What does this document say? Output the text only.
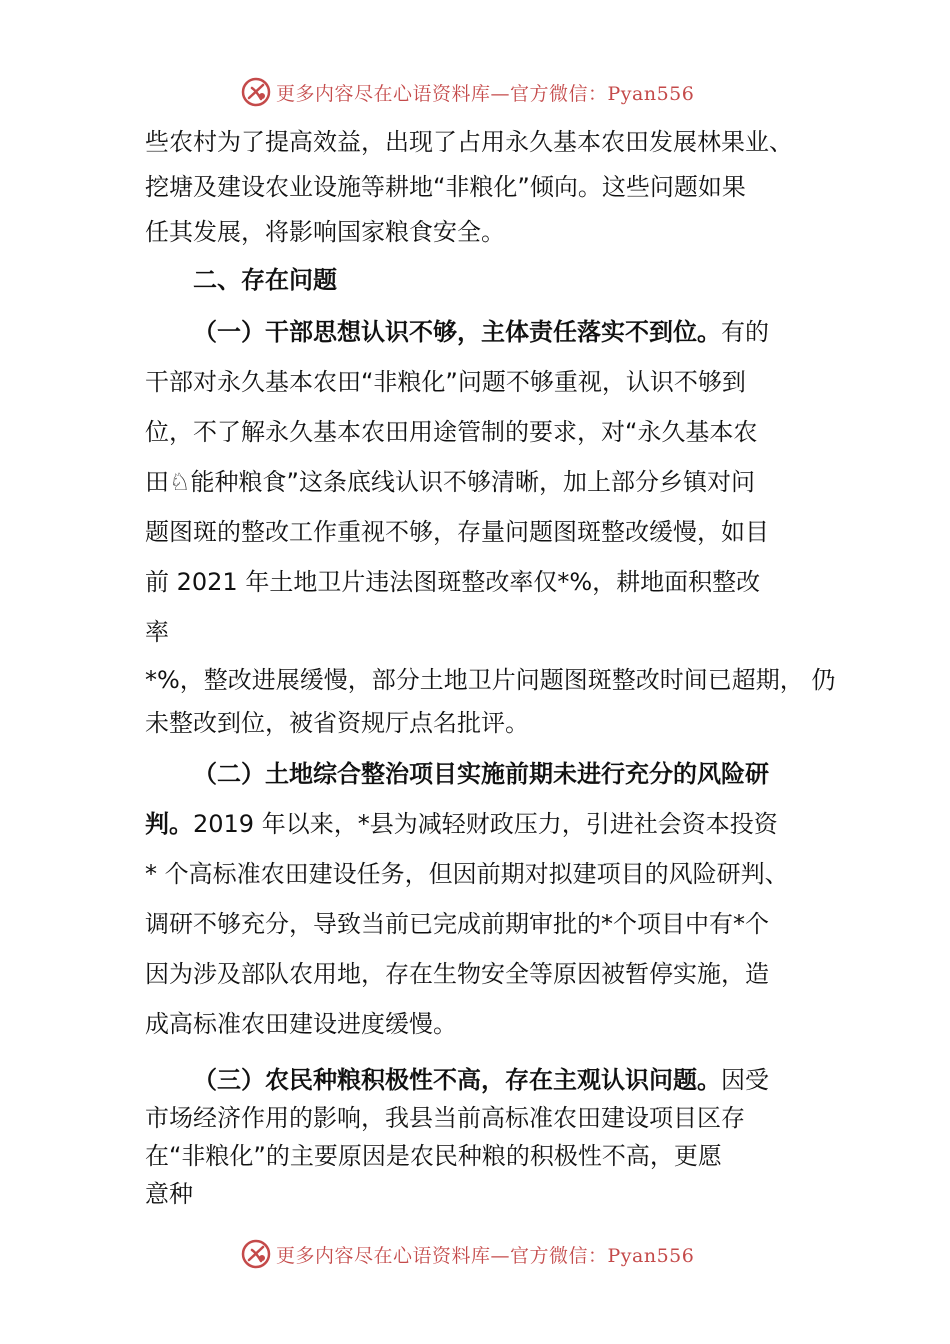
更多内容尽在心语资料库—官方微信：Pyan556

些农村为了提高效益，出现了占用永久基本农田发展林果业、
挖塘及建设农业设施等耕地“非粮化”倾向。这些问题如果
任其发展，将影响国家粮食安全。

二、存在问题

（一）干部思想认识不够，主体责任落实不到位。有的
干部对永久基本农田“非粮化”问题不够重视，认识不够到
位，不了解永久基本农田用途管制的要求，对“永久基本农
田♘能种粮食”这条底线认识不够清晰，加上部分乡镇对问
题图斑的整改工作重视不够，存量问题图斑整改缓慢，如目
前 2021 年土地卫片违法图斑整改率仅*%，耕地面积整改
率
*%，整改进展缓慢，部分土地卫片问题图斑整改时间已超期， 仍
未整改到位，被省资规厅点名批评。

（二）土地综合整治项目实施前期未进行充分的风险研
判。2019 年以来，*县为减轻财政压力，引进社会资本投资
* 个高标准农田建设任务，但因前期对拟建项目的风险研判、
调研不够充分，导致当前已完成前期审批的*个项目中有*个
因为涉及部队农用地，存在生物安全等原因被暂停实施，造
成高标准农田建设进度缓慢。

（三）农民种粮积极性不高，存在主观认识问题。因受
市场经济作用的影响，我县当前高标准农田建设项目区存
在“非粮化”的主要原因是农民种粮的积极性不高，更愿
意种

更多内容尽在心语资料库—官方微信：Pyan556
